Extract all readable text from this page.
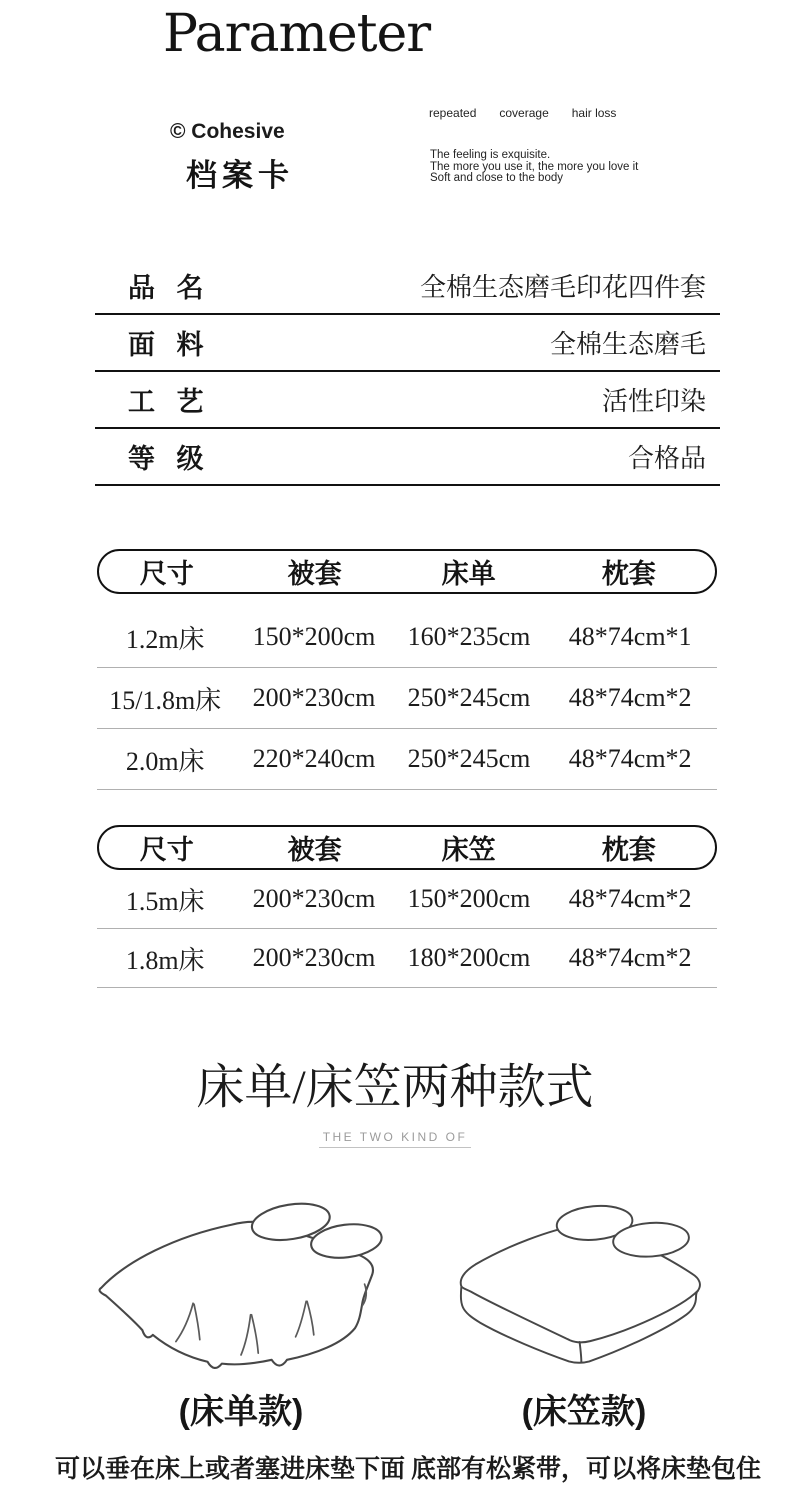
Parameter
© Cohesive
档案卡
repeated coverage hair loss
The feeling is exquisite.
The more you use it, the more you love it
Soft and close to the body
品 名	全棉生态磨毛印花四件套
面 料	全棉生态磨毛
工 艺	活性印染
等 级	合格品
尺寸	被套	床单	枕套
1.2m床	150*200cm	160*235cm	48*74cm*1
15/1.8m床	200*230cm	250*245cm	48*74cm*2
2.0m床	220*240cm	250*245cm	48*74cm*2
尺寸	被套	床笠	枕套
1.5m床	200*230cm	150*200cm	48*74cm*2
1.8m床	200*230cm	180*200cm	48*74cm*2
床单/床笠两种款式
THE TWO KIND OF
(床单款)	(床笠款)
可以垂在床上或者塞进床垫下面 底部有松紧带，可以将床垫包住
